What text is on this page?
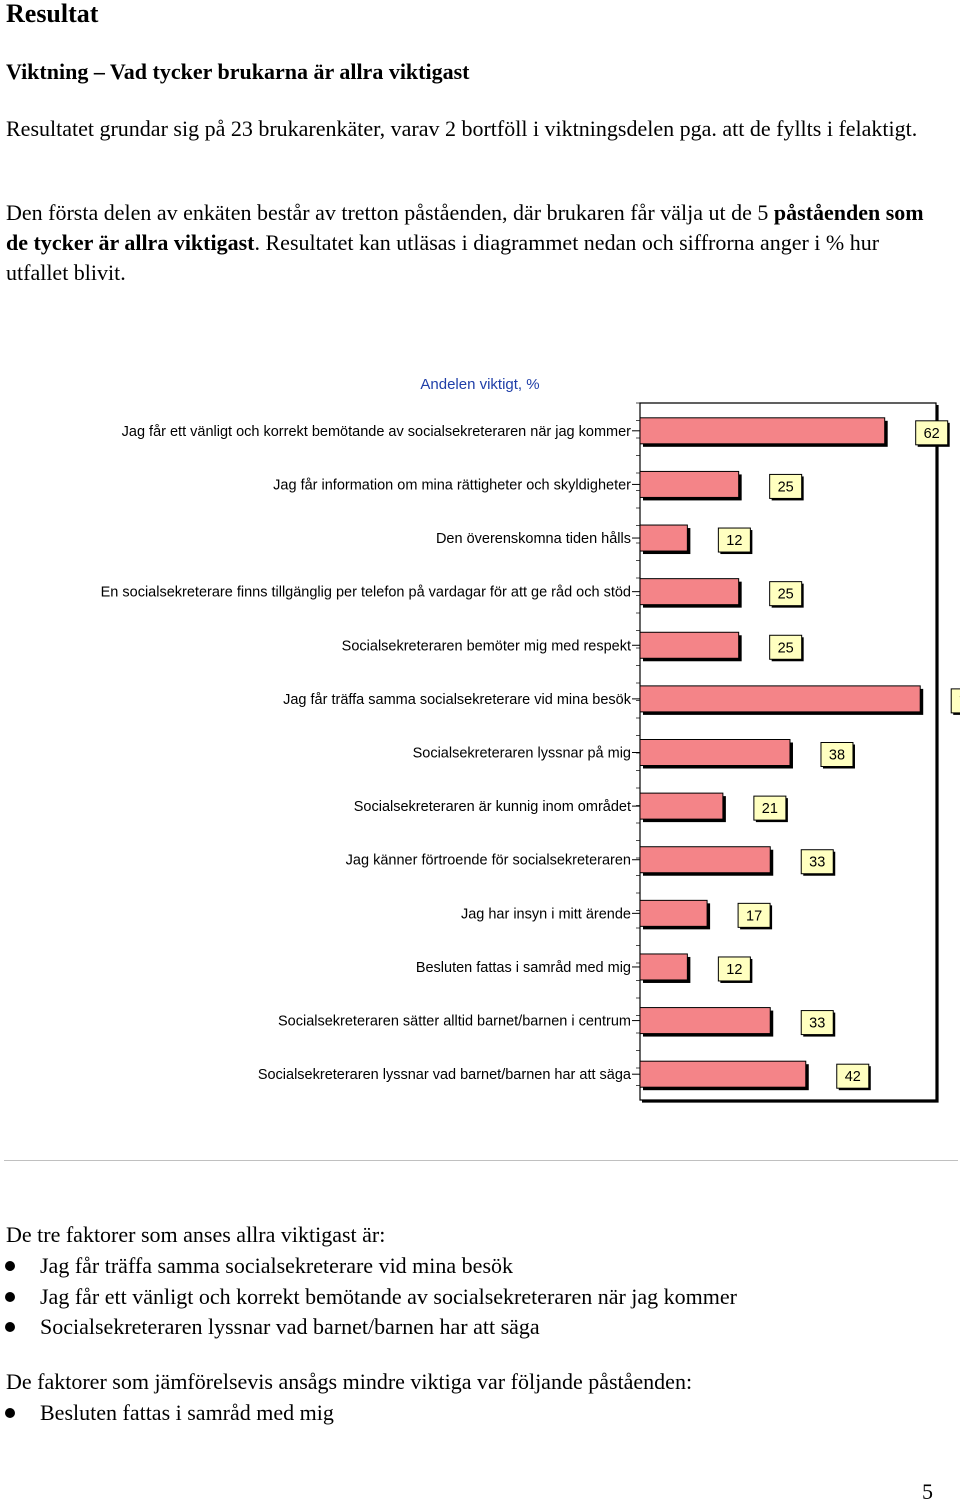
Resultat
Viktning – Vad tycker brukarna är allra viktigast

Resultatet grundar sig på 23 brukarenkäter, varav 2 bortföll i viktningsdelen pga. att de fyllts i felaktigt.

Den första delen av enkäten består av tretton påståenden, där brukaren får välja ut de 5 påståenden som de tycker är allra viktigast. Resultatet kan utläsas i diagrammet nedan och siffrorna anger i % hur utfallet blivit.

Andelen viktigt, %
Jag får ett vänligt och korrekt bemötande av socialsekreteraren när jag kommer	62
Jag får information om mina rättigheter och skyldigheter	25
Den överenskomna tiden hålls	12
En socialsekreterare finns tillgänglig per telefon på vardagar för att ge råd och stöd	25
Socialsekreteraren bemöter mig med respekt	25
Jag får träffa samma socialsekreterare vid mina besök
Socialsekreteraren lyssnar på mig	38
Socialsekreteraren är kunnig inom området	21
Jag känner förtroende för socialsekreteraren	33
Jag har insyn i mitt ärende	17
Besluten fattas i samråd med mig	12
Socialsekreteraren sätter alltid barnet/barnen i centrum	33
Socialsekreteraren lyssnar vad barnet/barnen har att säga	42

De tre faktorer som anses allra viktigast är:

Jag får träffa samma socialsekreterare vid mina besök
Jag får ett vänligt och korrekt bemötande av socialsekreteraren när jag kommer
Socialsekreteraren lyssnar vad barnet/barnen har att säga

De faktorer som jämförelsevis ansågs mindre viktiga var följande påståenden:

Besluten fattas i samråd med mig
5
